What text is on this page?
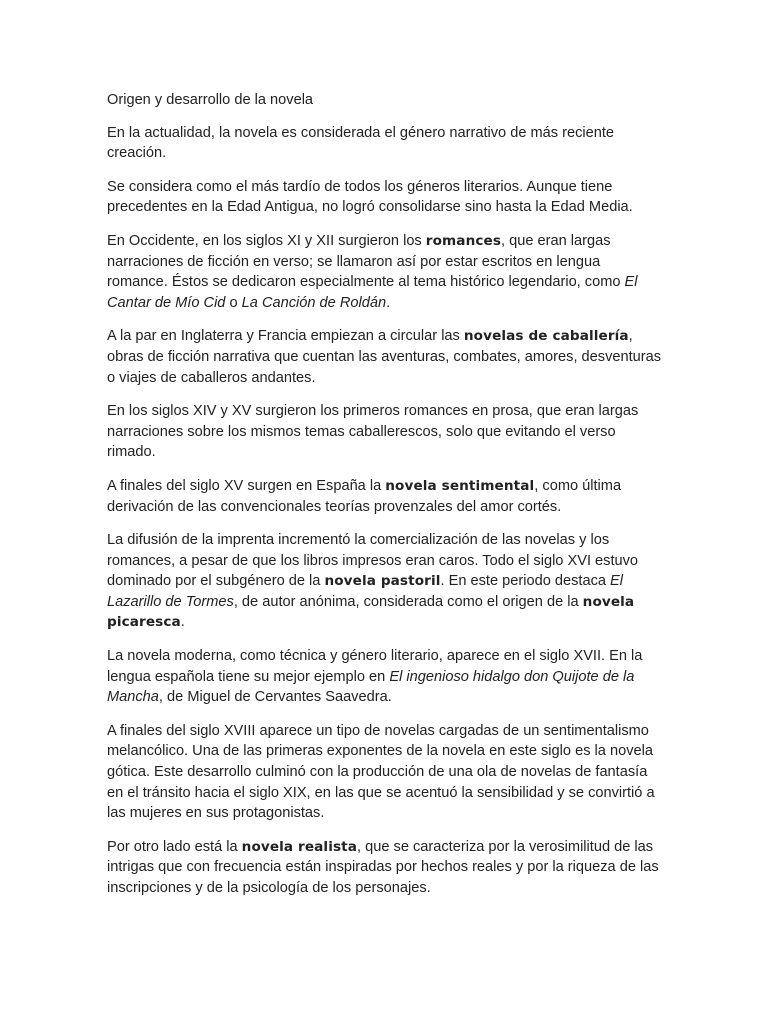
Origen y desarrollo de la novela

En la actualidad, la novela es considerada el género narrativo de más reciente creación.

Se considera como el más tardío de todos los géneros literarios. Aunque tiene precedentes en la Edad Antigua, no logró consolidarse sino hasta la Edad Media.

En Occidente, en los siglos XI y XII surgieron los romances, que eran largas narraciones de ficción en verso; se llamaron así por estar escritos en lengua romance. Éstos se dedicaron especialmente al tema histórico legendario, como El Cantar de Mío Cid o La Canción de Roldán.

A la par en Inglaterra y Francia empiezan a circular las novelas de caballería, obras de ficción narrativa que cuentan las aventuras, combates, amores, desventuras o viajes de caballeros andantes.

En los siglos XIV y XV surgieron los primeros romances en prosa, que eran largas narraciones sobre los mismos temas caballerescos, solo que evitando el verso rimado.

A finales del siglo XV surgen en España la novela sentimental, como última derivación de las convencionales teorías provenzales del amor cortés.

La difusión de la imprenta incrementó la comercialización de las novelas y los romances, a pesar de que los libros impresos eran caros. Todo el siglo XVI estuvo dominado por el subgénero de la novela pastoril. En este periodo destaca El Lazarillo de Tormes, de autor anónima, considerada como el origen de la novela picaresca.

La novela moderna, como técnica y género literario, aparece en el siglo XVII. En la lengua española tiene su mejor ejemplo en El ingenioso hidalgo don Quijote de la Mancha, de Miguel de Cervantes Saavedra.

A finales del siglo XVIII aparece un tipo de novelas cargadas de un sentimentalismo melancólico. Una de las primeras exponentes de la novela en este siglo es la novela gótica. Este desarrollo culminó con la producción de una ola de novelas de fantasía en el tránsito hacia el siglo XIX, en las que se acentuó la sensibilidad y se convirtió a las mujeres en sus protagonistas.

Por otro lado está la novela realista, que se caracteriza por la verosimilitud de las intrigas que con frecuencia están inspiradas por hechos reales y por la riqueza de las inscripciones y de la psicología de los personajes.
